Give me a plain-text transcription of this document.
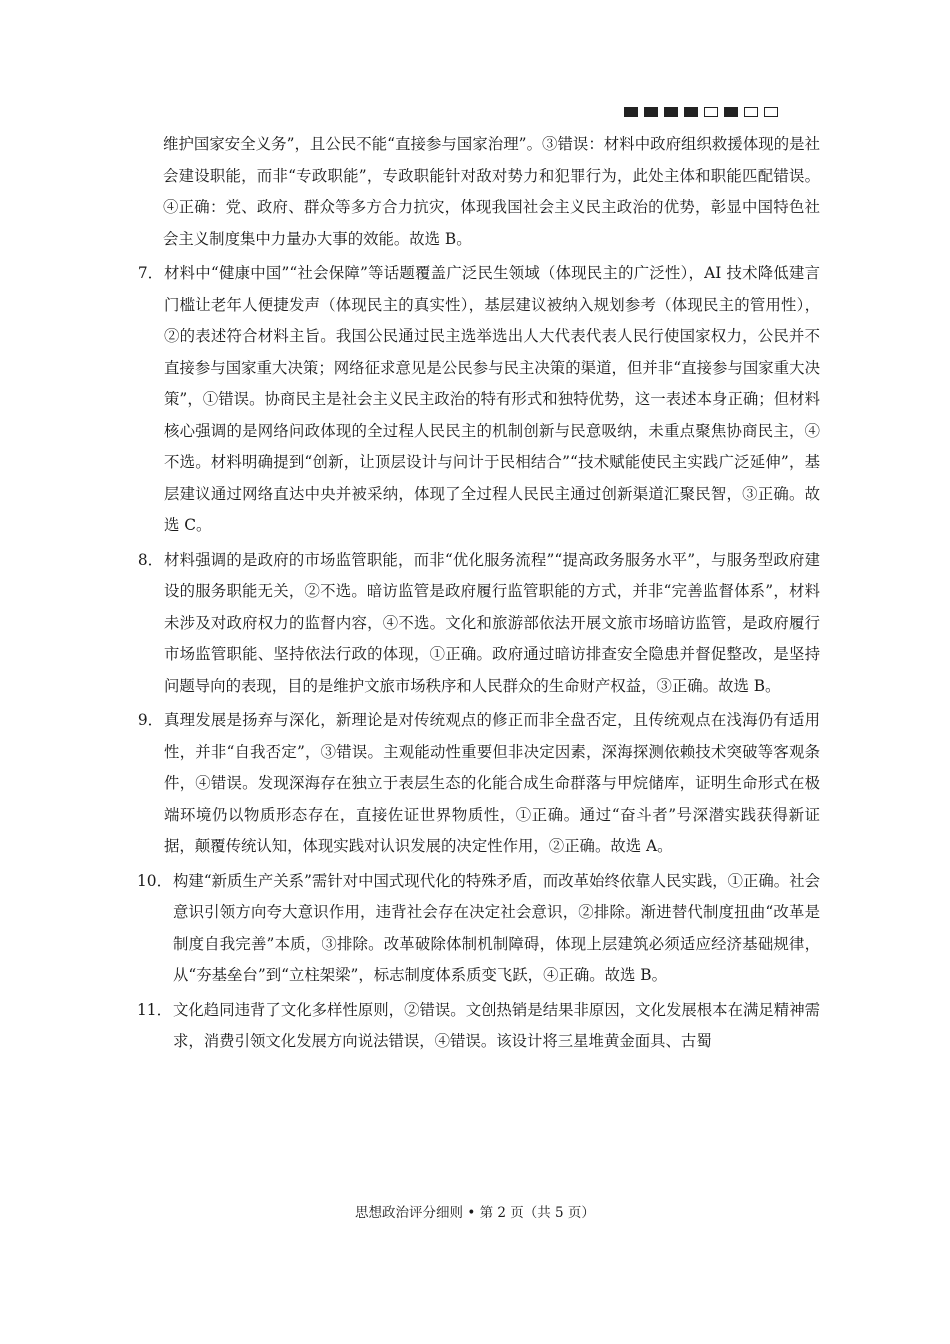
维护国家安全义务”，且公民不能“直接参与国家治理”。③错误：材料中政府组织救援体现的是社会建设职能，而非“专政职能”，专政职能针对敌对势力和犯罪行为，此处主体和职能匹配错误。④正确：党、政府、群众等多方合力抗灾，体现我国社会主义民主政治的优势，彰显中国特色社会主义制度集中力量办大事的效能。故选 B。
7． 材料中“健康中国”“社会保障”等话题覆盖广泛民生领域（体现民主的广泛性），AI 技术降低建言门槛让老年人便捷发声（体现民主的真实性），基层建议被纳入规划参考（体现民主的管用性），②的表述符合材料主旨。我国公民通过民主选举选出人大代表代表人民行使国家权力，公民并不直接参与国家重大决策；网络征求意见是公民参与民主决策的渠道，但并非“直接参与国家重大决策”，①错误。协商民主是社会主义民主政治的特有形式和独特优势，这一表述本身正确；但材料核心强调的是网络问政体现的全过程人民民主的机制创新与民意吸纳，未重点聚焦协商民主，④不选。材料明确提到“创新，让顶层设计与问计于民相结合”“技术赋能使民主实践广泛延伸”，基层建议通过网络直达中央并被采纳，体现了全过程人民民主通过创新渠道汇聚民智，③正确。故选 C。
8． 材料强调的是政府的市场监管职能，而非“优化服务流程”“提高政务服务水平”，与服务型政府建设的服务职能无关，②不选。暗访监管是政府履行监管职能的方式，并非“完善监督体系”，材料未涉及对政府权力的监督内容，④不选。文化和旅游部依法开展文旅市场暗访监管，是政府履行市场监管职能、坚持依法行政的体现，①正确。政府通过暗访排查安全隐患并督促整改，是坚持问题导向的表现，目的是维护文旅市场秩序和人民群众的生命财产权益，③正确。故选 B。
9． 真理发展是扬弃与深化，新理论是对传统观点的修正而非全盘否定，且传统观点在浅海仍有适用性，并非“自我否定”，③错误。主观能动性重要但非决定因素，深海探测依赖技术突破等客观条件，④错误。发现深海存在独立于表层生态的化能合成生命群落与甲烷储库，证明生命形式在极端环境仍以物质形态存在，直接佐证世界物质性，①正确。通过“奋斗者”号深潜实践获得新证据，颠覆传统认知，体现实践对认识发展的决定性作用，②正确。故选 A。
10． 构建“新质生产关系”需针对中国式现代化的特殊矛盾，而改革始终依靠人民实践，①正确。社会意识引领方向夸大意识作用，违背社会存在决定社会意识，②排除。渐进替代制度扭曲“改革是制度自我完善”本质，③排除。改革破除体制机制障碍，体现上层建筑必须适应经济基础规律，从“夯基垒台”到“立柱架梁”，标志制度体系质变飞跃，④正确。故选 B。
11． 文化趋同违背了文化多样性原则，②错误。文创热销是结果非原因，文化发展根本在满足精神需求，消费引领文化发展方向说法错误，④错误。该设计将三星堆黄金面具、古蜀
思想政治评分细则 • 第 2 页（共 5 页）
